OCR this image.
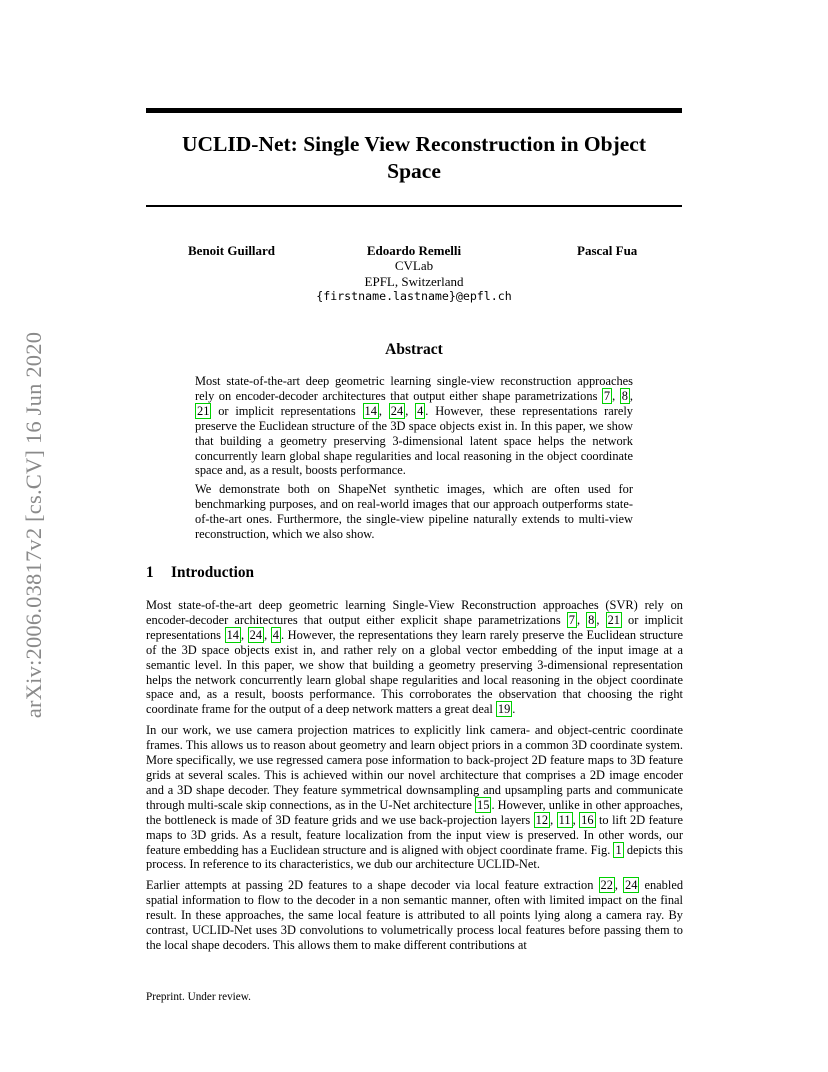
arXiv:2006.03817v2 [cs.CV] 16 Jun 2020
UCLID-Net: Single View Reconstruction in Object
Space
Benoit Guillard	Edoardo Remelli	Pascal Fua
CVLab
EPFL, Switzerland
{firstname.lastname}@epfl.ch
Abstract

Most state-of-the-art deep geometric learning single-view reconstruction approaches rely on encoder-decoder architectures that output either shape parametrizations 7 , 8 , 21 or implicit representations 14 , 24 , 4 . However, these representations rarely preserve the Euclidean structure of the 3D space objects exist in. In this paper, we show that building a geometry preserving 3-dimensional latent space helps the network concurrently learn global shape regularities and local reasoning in the object coordinate space and, as a result, boosts performance.

We demonstrate both on ShapeNet synthetic images, which are often used for benchmarking purposes, and on real-world images that our approach outperforms state-of-the-art ones. Furthermore, the single-view pipeline naturally extends to multi-view reconstruction, which we also show.

1 Introduction

Most state-of-the-art deep geometric learning Single-View Reconstruction approaches (SVR) rely on encoder-decoder architectures that output either explicit shape parametrizations 7 , 8 , 21 or implicit representations 14 , 24 , 4 . However, the representations they learn rarely preserve the Euclidean structure of the 3D space objects exist in, and rather rely on a global vector embedding of the input image at a semantic level. In this paper, we show that building a geometry preserving 3-dimensional representation helps the network concurrently learn global shape regularities and local reasoning in the object coordinate space and, as a result, boosts performance. This corroborates the observation that choosing the right coordinate frame for the output of a deep network matters a great deal 19 .

In our work, we use camera projection matrices to explicitly link camera- and object-centric coordinate frames. This allows us to reason about geometry and learn object priors in a common 3D coordinate system. More specifically, we use regressed camera pose information to back-project 2D feature maps to 3D feature grids at several scales. This is achieved within our novel architecture that comprises a 2D image encoder and a 3D shape decoder. They feature symmetrical downsampling and upsampling parts and communicate through multi-scale skip connections, as in the U-Net architecture 15 . However, unlike in other approaches, the bottleneck is made of 3D feature grids and we use back-projection layers 12 , 11 , 16 to lift 2D feature maps to 3D grids. As a result, feature localization from the input view is preserved. In other words, our feature embedding has a Euclidean structure and is aligned with object coordinate frame. Fig. 1 depicts this process. In reference to its characteristics, we dub our architecture UCLID-Net.

Earlier attempts at passing 2D features to a shape decoder via local feature extraction 22 , 24 enabled spatial information to flow to the decoder in a non semantic manner, often with limited impact on the final result. In these approaches, the same local feature is attributed to all points lying along a camera ray. By contrast, UCLID-Net uses 3D convolutions to volumetrically process local features before passing them to the local shape decoders. This allows them to make different contributions at

Preprint. Under review.
